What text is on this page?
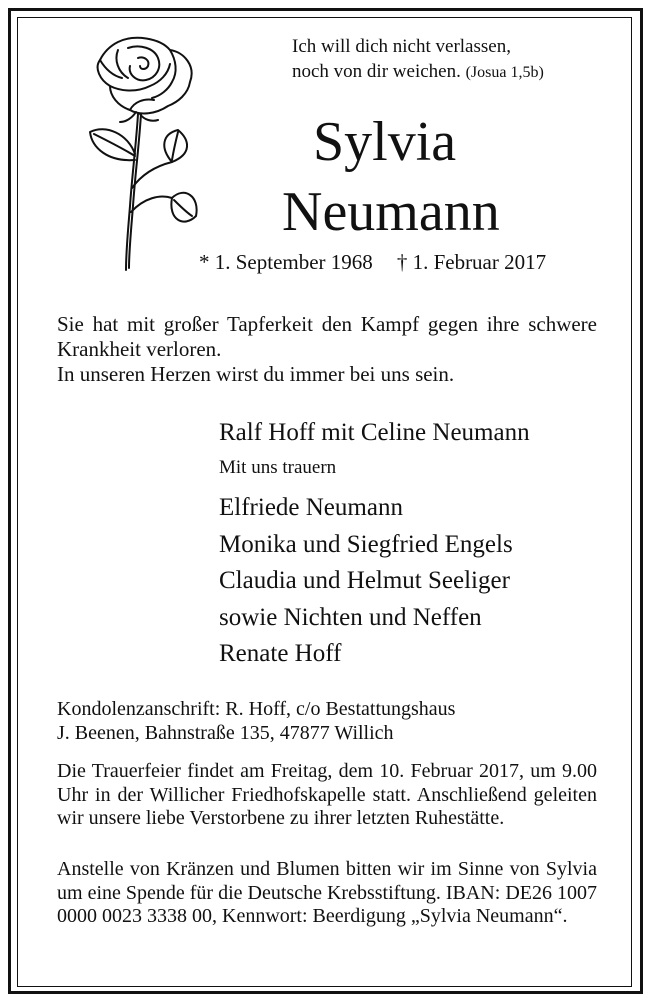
Ich will dich nicht verlassen,
noch von dir weichen. (Josua 1,5b)
Sylvia
Neumann
* 1. September 1968 † 1. Februar 2017

Sie hat mit großer Tapferkeit den Kampf gegen ihre schwere Krankheit verloren.

In unseren Herzen wirst du immer bei uns sein.

Ralf Hoff mit Celine Neumann

Mit uns trauern

Elfriede Neumann
Monika und Siegfried Engels
Claudia und Helmut Seeliger
sowie Nichten und Neffen
Renate Hoff

Kondolenzanschrift: R. Hoff, c/o Bestattungshaus

J. Beenen, Bahnstraße 135, 47877 Willich

Die Trauerfeier findet am Freitag, dem 10. Februar 2017, um 9.00 Uhr in der Willicher Friedhofskapelle statt. Anschließend geleiten wir unsere liebe Verstorbene zu ihrer letzten Ruhestätte.

Anstelle von Kränzen und Blumen bitten wir im Sinne von Sylvia um eine Spende für die Deutsche Krebsstiftung. IBAN: DE26 1007 0000 0023 3338 00, Kennwort: Beerdigung „Sylvia Neumann“.
